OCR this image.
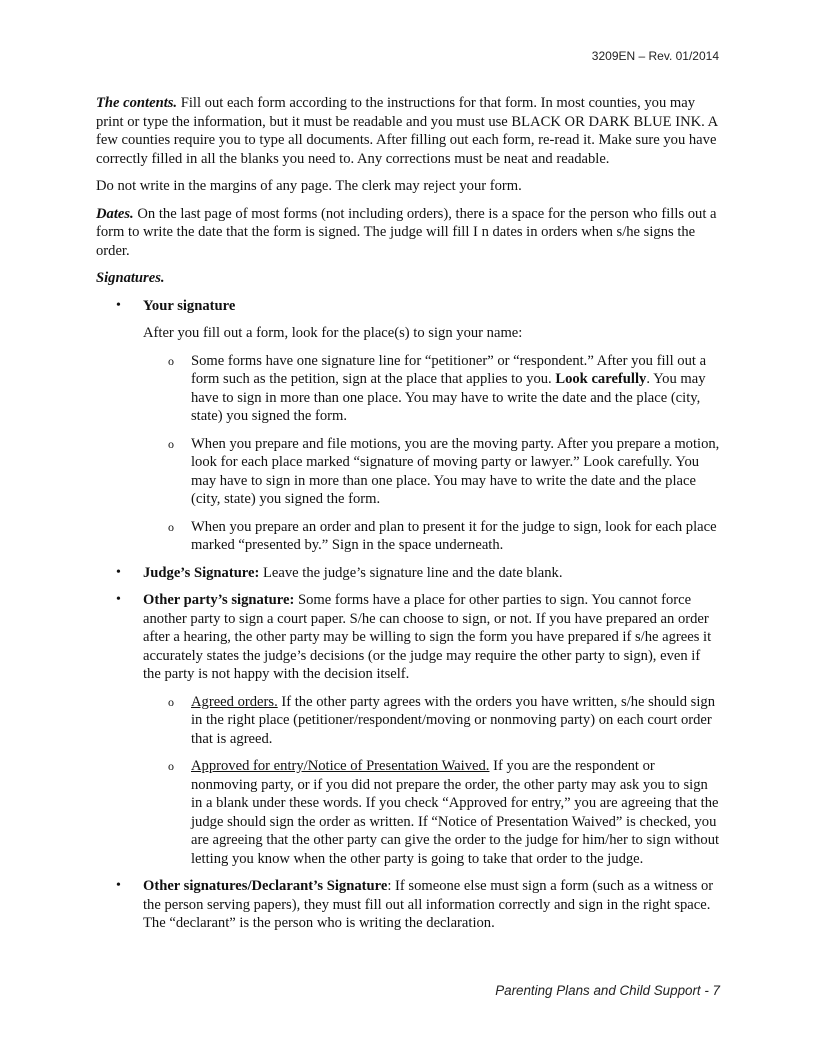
3209EN – Rev. 01/2014

The contents. Fill out each form according to the instructions for that form. In most counties, you may print or type the information, but it must be readable and you must use BLACK OR DARK BLUE INK. A few counties require you to type all documents. After filling out each form, re-read it. Make sure you have correctly filled in all the blanks you need to. Any corrections must be neat and readable.

Do not write in the margins of any page. The clerk may reject your form.

Dates. On the last page of most forms (not including orders), there is a space for the person who fills out a form to write the date that the form is signed. The judge will fill I n dates in orders when s/he signs the order.

Signatures.

• Your signature

After you fill out a form, look for the place(s) to sign your name:

o Some forms have one signature line for “petitioner” or “respondent.” After you fill out a form such as the petition, sign at the place that applies to you. Look carefully. You may have to sign in more than one place. You may have to write the date and the place (city, state) you signed the form.
o When you prepare and file motions, you are the moving party. After you prepare a motion, look for each place marked “signature of moving party or lawyer.” Look carefully. You may have to sign in more than one place. You may have to write the date and the place (city, state) you signed the form.
o When you prepare an order and plan to present it for the judge to sign, look for each place marked “presented by.” Sign in the space underneath.
• Judge’s Signature: Leave the judge’s signature line and the date blank.
• Other party’s signature: Some forms have a place for other parties to sign. You cannot force another party to sign a court paper. S/he can choose to sign, or not. If you have prepared an order after a hearing, the other party may be willing to sign the form you have prepared if s/he agrees it accurately states the judge’s decisions (or the judge may require the other party to sign), even if the party is not happy with the decision itself.
o Agreed orders. If the other party agrees with the orders you have written, s/he should sign in the right place (petitioner/respondent/moving or nonmoving party) on each court order that is agreed.
o Approved for entry/Notice of Presentation Waived. If you are the respondent or nonmoving party, or if you did not prepare the order, the other party may ask you to sign in a blank under these words. If you check “Approved for entry,” you are agreeing that the judge should sign the order as written. If “Notice of Presentation Waived” is checked, you are agreeing that the other party can give the order to the judge for him/her to sign without letting you know when the other party is going to take that order to the judge.
• Other signatures/Declarant’s Signature: If someone else must sign a form (such as a witness or the person serving papers), they must fill out all information correctly and sign in the right space. The “declarant” is the person who is writing the declaration.
Parenting Plans and Child Support - 7
